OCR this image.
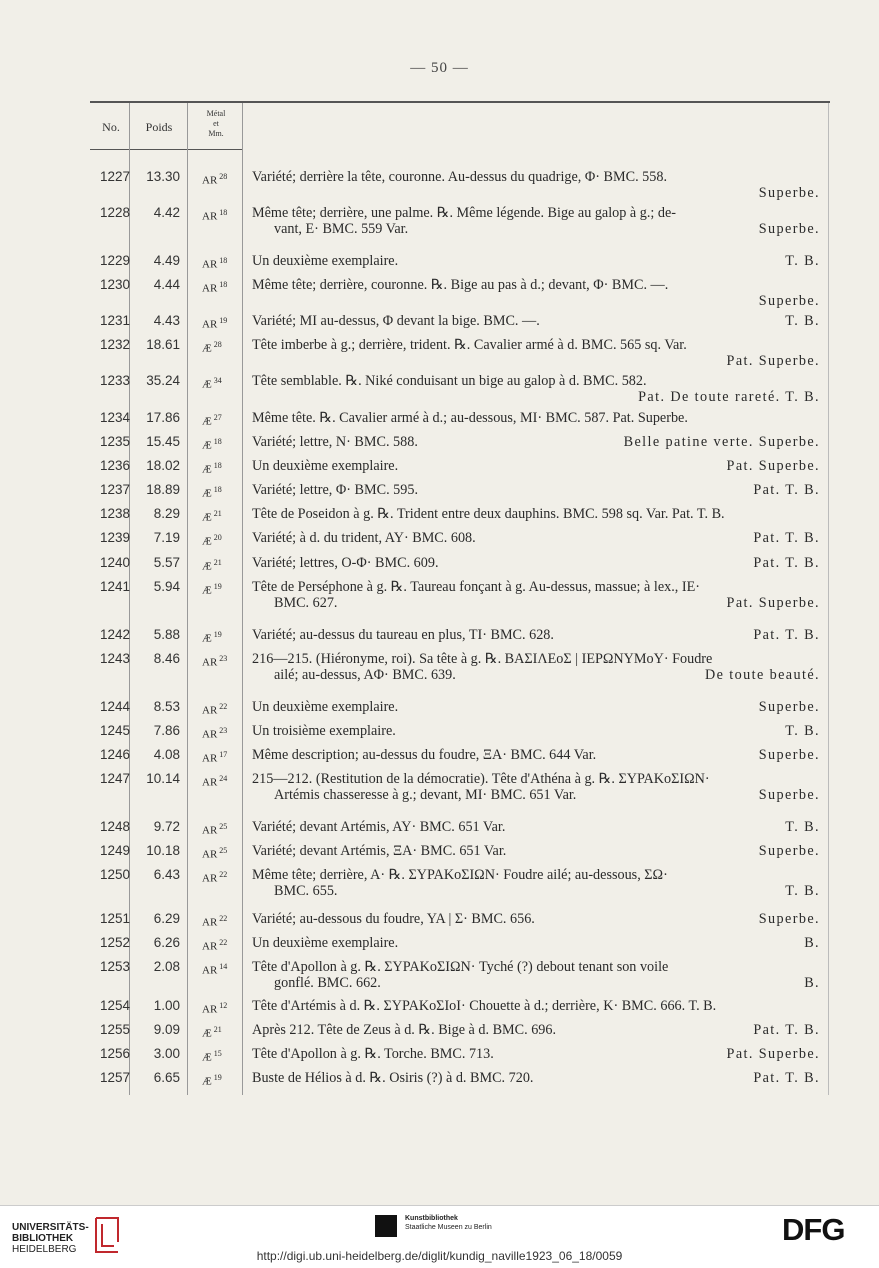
— 50 —
No.	Poids
Métal
et
Mm.
1227	13.30 AR $^{28}$	Variété; derrière la tête, couronne. Au-dessus du quadrige, Φ· BMC. 558.
Superbe.
1228	4.42 AR $^{18}$	Même tête; derrière, une palme. ℞. Même légende. Bige au galop à g.; de-
vant, E· BMC. 559 Var.	Superbe.
1229	4.49 AR $^{18}$	Un deuxième exemplaire.	T. B.
1230	4.44 AR $^{18}$	Même tête; derrière, couronne. ℞. Bige au pas à d.; devant, Φ· BMC. —.
Superbe.
1231	4.43 AR $^{19}$	Variété; MI au-dessus, Φ devant la bige. BMC. —.	T. B.
1232	18.61 Æ $^{28}$	Tête imberbe à g.; derrière, trident. ℞. Cavalier armé à d. BMC. 565 sq. Var.
Pat. Superbe.
1233	35.24 Æ $^{34}$	Tête semblable. ℞. Niké conduisant un bige au galop à d. BMC. 582.
Pat. De toute rareté. T. B.
1234	17.86 Æ $^{27}$	Même tête. ℞. Cavalier armé à d.; au-dessous, MI· BMC. 587. Pat. Superbe.
1235	15.45 Æ $^{18}$	Variété; lettre, N· BMC. 588.	Belle patine verte. Superbe.
1236	18.02 Æ $^{18}$	Un deuxième exemplaire.	Pat. Superbe.
1237	18.89 Æ $^{18}$	Variété; lettre, Φ· BMC. 595.	Pat. T. B.
1238	8.29 Æ $^{21}$	Tête de Poseidon à g. ℞. Trident entre deux dauphins. BMC. 598 sq. Var. Pat. T. B.
1239	7.19 Æ $^{20}$	Variété; à d. du trident, AY· BMC. 608.	Pat. T. B.
1240	5.57 Æ $^{21}$	Variété; lettres, O-Φ· BMC. 609.	Pat. T. B.
1241	5.94 Æ $^{19}$	Tête de Perséphone à g. ℞. Taureau fonçant à g. Au-dessus, massue; à lex., IE·
BMC. 627.	Pat. Superbe.
1242	5.88 Æ $^{19}$	Variété; au-dessus du taureau en plus, TI· BMC. 628.	Pat. T. B.
1243	8.46 AR $^{23}$	216—215. (Hiéronyme, roi). Sa tête à g. ℞. ΒΑΣΙΛΕοΣ | ΙΕΡΩΝΥΜοΥ· Foudre
ailé; au-dessus, AΦ· BMC. 639.	De toute beauté.
1244	8.53 AR $^{22}$	Un deuxième exemplaire.	Superbe.
1245	7.86 AR $^{23}$	Un troisième exemplaire.	T. B.
1246	4.08 AR $^{17}$	Même description; au-dessus du foudre, ΞA· BMC. 644 Var.	Superbe.
1247	10.14 AR $^{24}$	215—212. (Restitution de la démocratie). Tête d'Athéna à g. ℞. ΣΥΡΑΚοΣΙΩΝ·
Artémis chasseresse à g.; devant, MI· BMC. 651 Var.	Superbe.
1248	9.72 AR $^{25}$	Variété; devant Artémis, AY· BMC. 651 Var.	T. B.
1249	10.18 AR $^{25}$	Variété; devant Artémis, ΞA· BMC. 651 Var.	Superbe.
1250	6.43 AR $^{22}$	Même tête; derrière, A· ℞. ΣΥΡΑΚοΣΙΩΝ· Foudre ailé; au-dessous, ΣΩ·
BMC. 655.	T. B.
1251	6.29 AR $^{22}$	Variété; au-dessous du foudre, YA | Σ· BMC. 656.	Superbe.
1252	6.26 AR $^{22}$	Un deuxième exemplaire.	B.
1253	2.08 AR $^{14}$	Tête d'Apollon à g. ℞. ΣΥΡΑΚοΣΙΩΝ· Tyché (?) debout tenant son voile
gonflé. BMC. 662.	B.
1254	1.00 AR $^{12}$	Tête d'Artémis à d. ℞. ΣΥΡΑΚοΣΙοΙ· Chouette à d.; derrière, K· BMC. 666. T. B.
1255	9.09 Æ $^{21}$	Après 212. Tête de Zeus à d. ℞. Bige à d. BMC. 696.	Pat. T. B.
1256	3.00 Æ $^{15}$	Tête d'Apollon à g. ℞. Torche. BMC. 713.	Pat. Superbe.
1257	6.65 Æ $^{19}$	Buste de Hélios à d. ℞. Osiris (?) à d. BMC. 720.	Pat. T. B.
UNIVERSITÄTS-
BIBLIOTHEK
HEIDELBERG
Kunstbibliothek
Staatliche Museen zu Berlin	DFG
http://digi.ub.uni-heidelberg.de/diglit/kundig_naville1923_06_18/0059
